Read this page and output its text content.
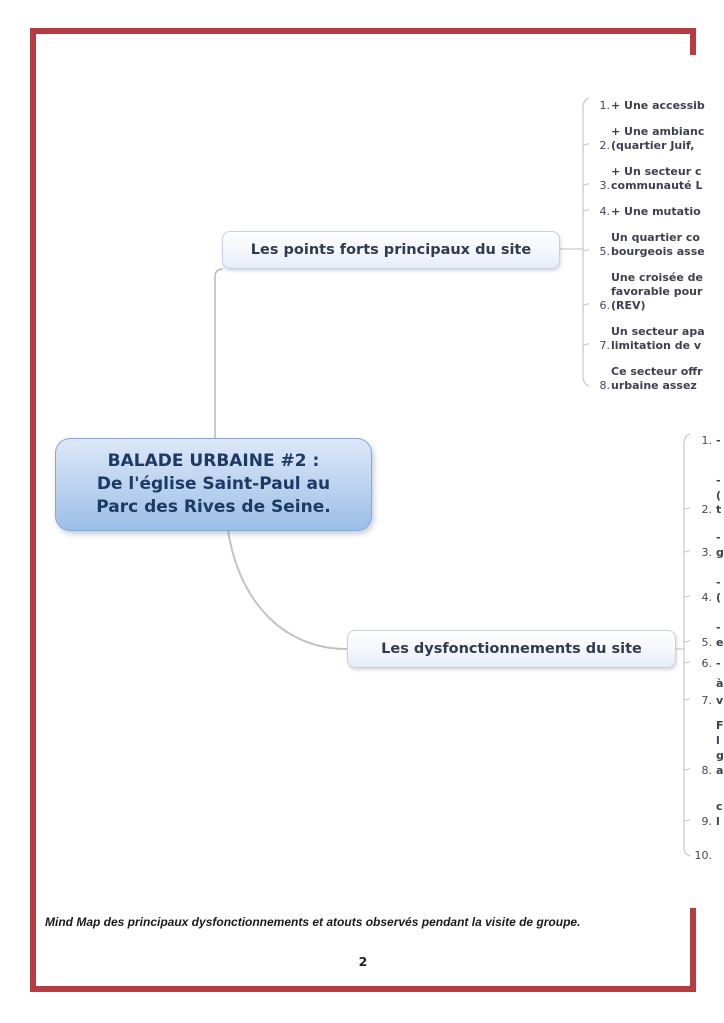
BALADE URBAINE #2 :
De l'église Saint-Paul au
Parc des Rives de Seine.
Les points forts principaux du site
Les dysfonctionnements du site
1. + Une accessib
+ Une ambianc
2. (quartier Juif,
+ Un secteur c
3. communauté L
4. + Une mutatio
Un quartier co
5. bourgeois asse
Une croisée de
favorable pour
6. (REV)
Un secteur apa
7. limitation de v
Ce secteur offr
8. urbaine assez
1. -
-
(
2. t
-
3. g
-
4. (
-
5. e
6. -
à
7. v
F
l
g
8. a
c
9. l
10.
Mind Map des principaux dysfonctionnements et atouts observés pendant la visite de groupe.
2
